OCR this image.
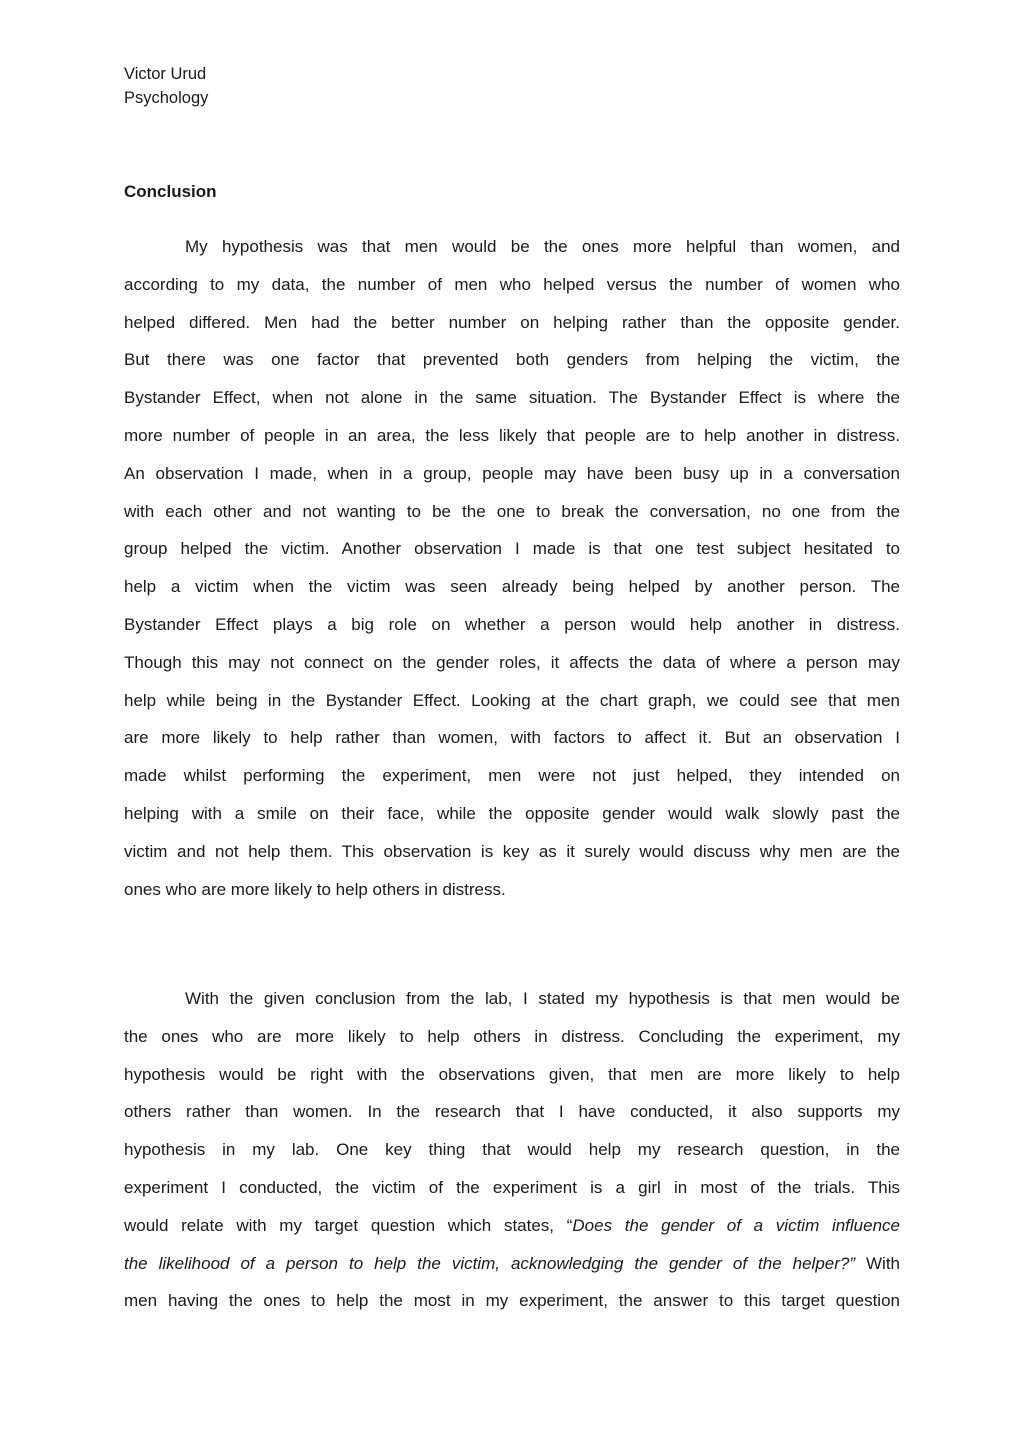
Victor Urud
Psychology
Conclusion
My hypothesis was that men would be the ones more helpful than women, and
according to my data, the number of men who helped versus the number of women who
helped differed. Men had the better number on helping rather than the opposite gender.
But there was one factor that prevented both genders from helping the victim, the
Bystander Effect, when not alone in the same situation. The Bystander Effect is where the
more number of people in an area, the less likely that people are to help another in distress.
An observation I made, when in a group, people may have been busy up in a conversation
with each other and not wanting to be the one to break the conversation, no one from the
group helped the victim. Another observation I made is that one test subject hesitated to
help a victim when the victim was seen already being helped by another person. The
Bystander Effect plays a big role on whether a person would help another in distress.
Though this may not connect on the gender roles, it affects the data of where a person may
help while being in the Bystander Effect. Looking at the chart graph, we could see that men
are more likely to help rather than women, with factors to affect it. But an observation I
made whilst performing the experiment, men were not just helped, they intended on
helping with a smile on their face, while the opposite gender would walk slowly past the
victim and not help them. This observation is key as it surely would discuss why men are the
ones who are more likely to help others in distress.
With the given conclusion from the lab, I stated my hypothesis is that men would be
the ones who are more likely to help others in distress. Concluding the experiment, my
hypothesis would be right with the observations given, that men are more likely to help
others rather than women. In the research that I have conducted, it also supports my
hypothesis in my lab. One key thing that would help my research question, in the
experiment I conducted, the victim of the experiment is a girl in most of the trials. This
would relate with my target question which states, “Does the gender of a victim influence
the likelihood of a person to help the victim, acknowledging the gender of the helper?” With
men having the ones to help the most in my experiment, the answer to this target question
